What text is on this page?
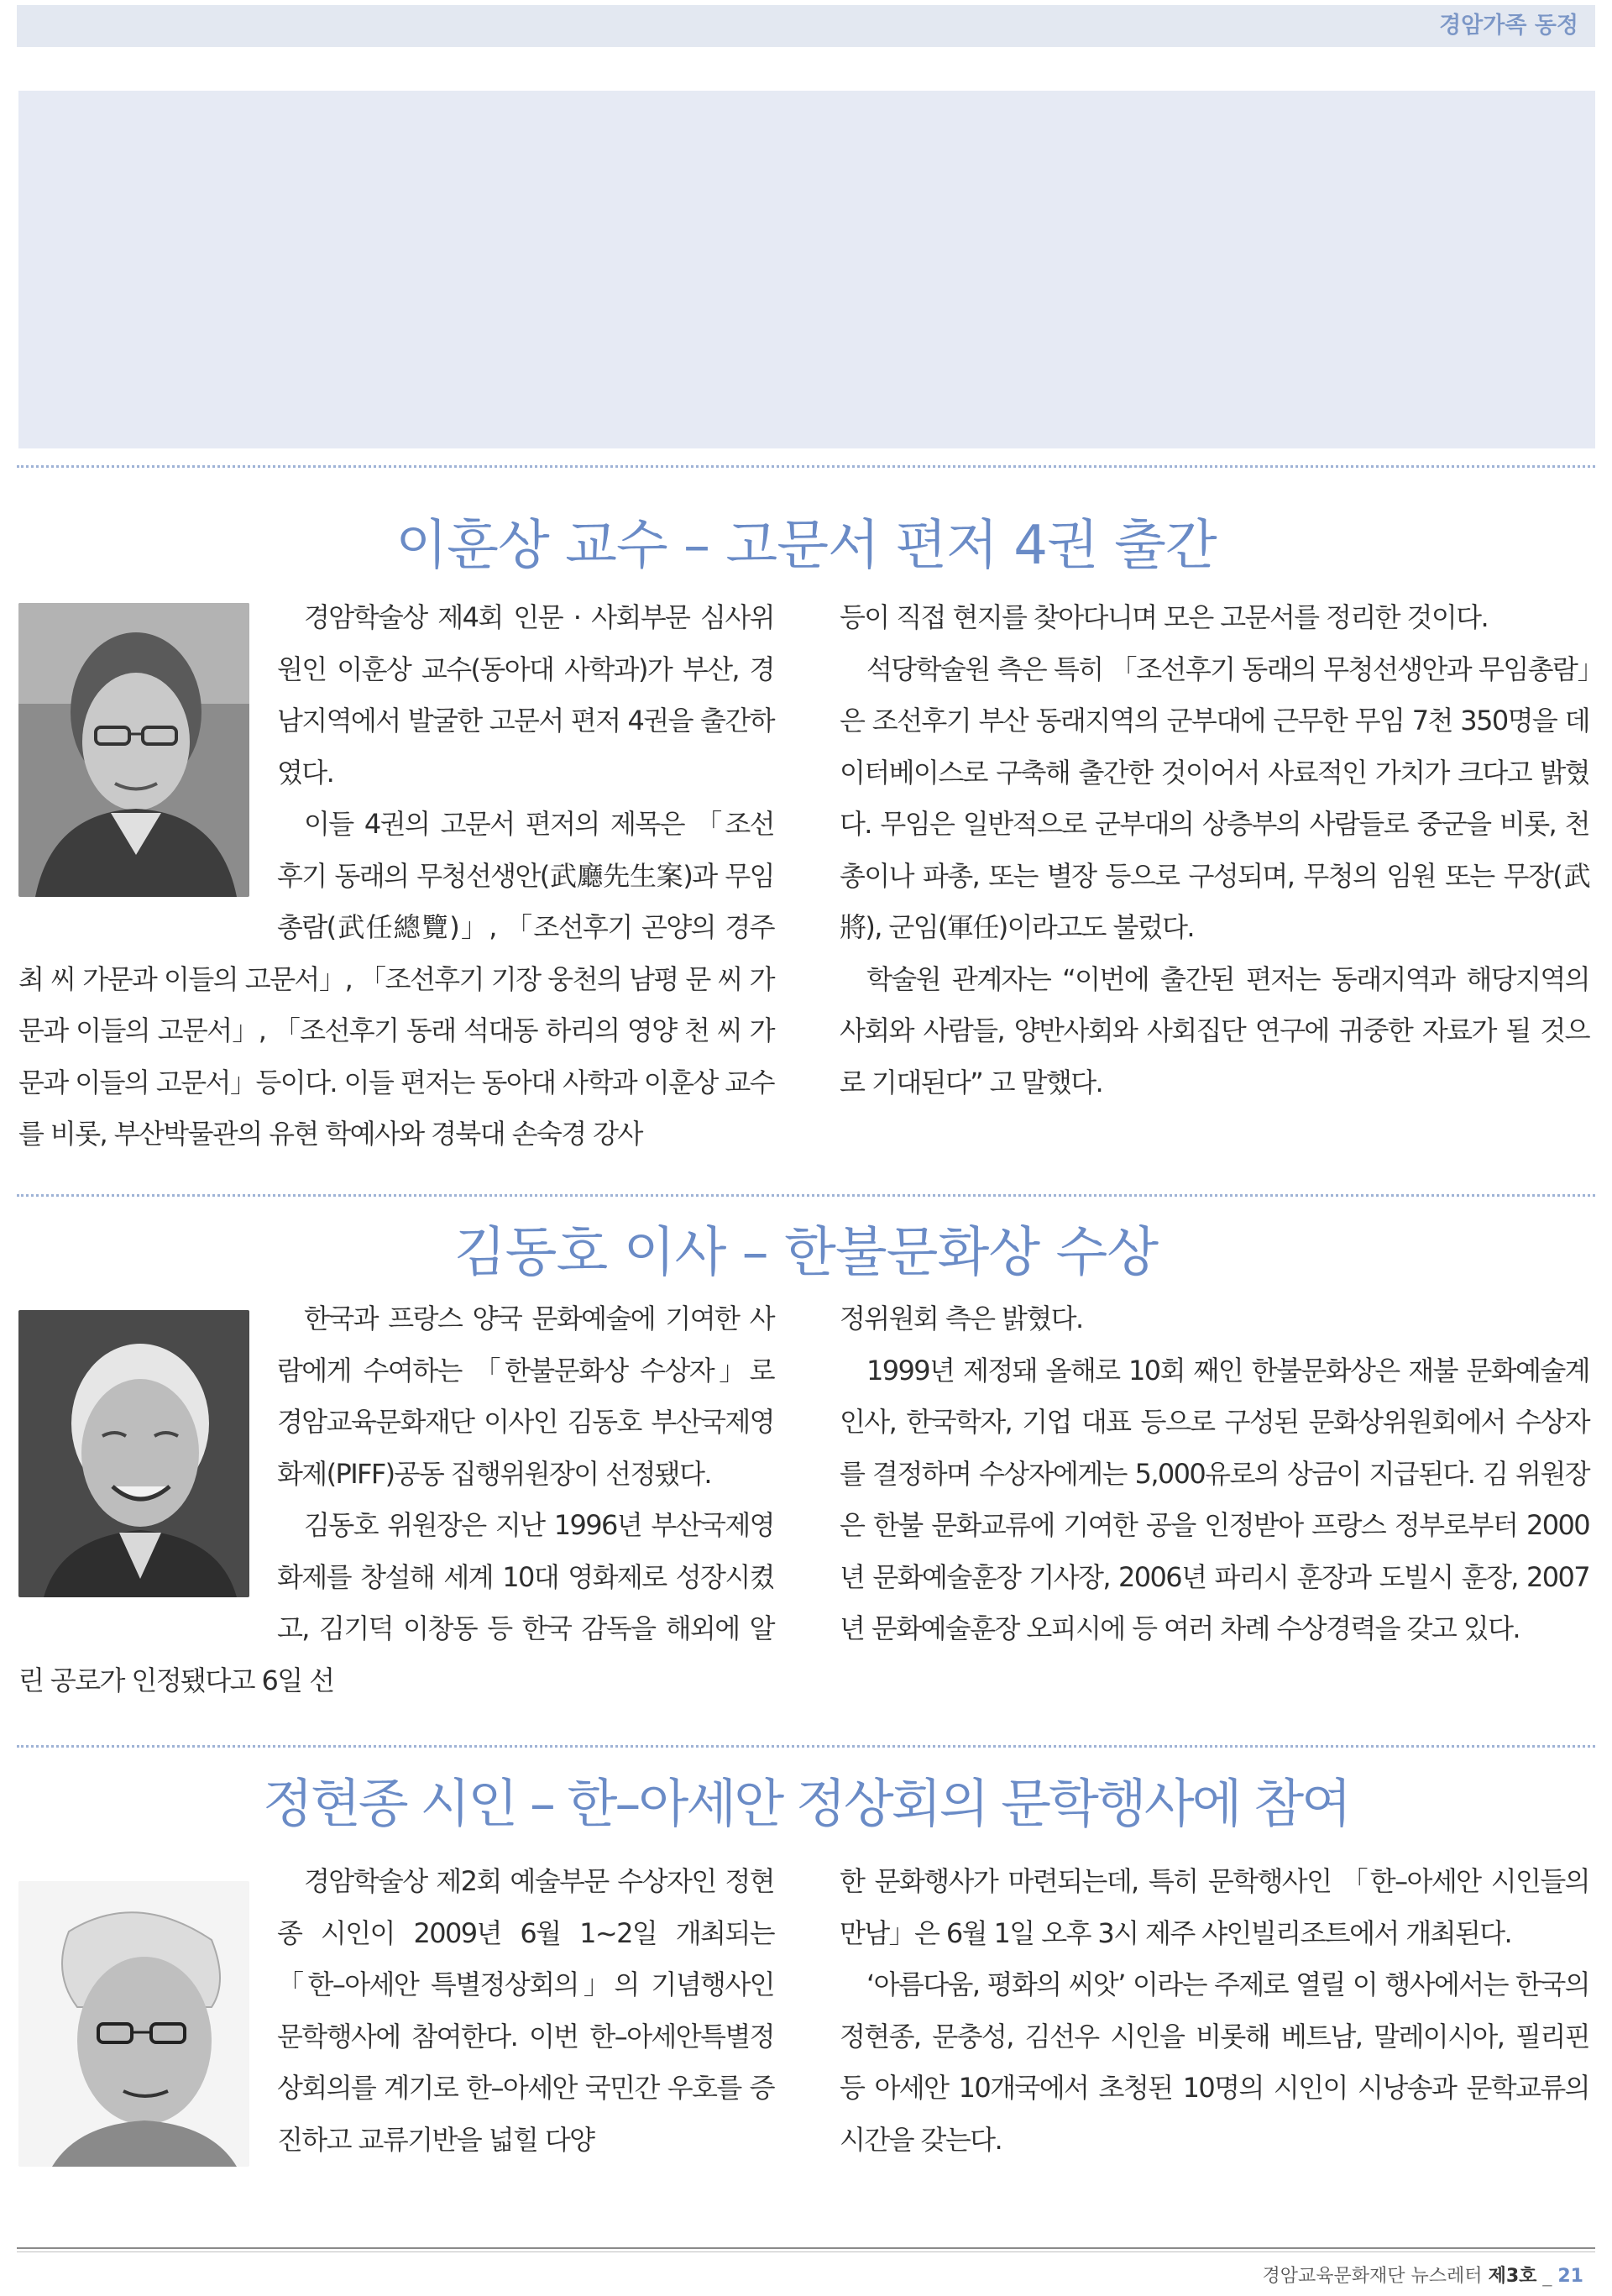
경암가족 동정
이훈상 교수 – 고문서 편저 4권 출간

경암학술상 제4회 인문 · 사회부문 심사위원인 이훈상 교수(동아대 사학과)가 부산, 경남지역에서 발굴한 고문서 편저 4권을 출간하였다.

이들 4권의 고문서 편저의 제목은 「조선후기 동래의 무청선생안(武廳先生案)과 무임 총람(武任總覽)」, 「조선후기 곤양의 경주 최 씨 가문과 이들의 고문서」, 「조선후기 기장 웅천의 남평 문 씨 가문과 이들의 고문서」, 「조선후기 동래 석대동 하리의 영양 천 씨 가문과 이들의 고문서」등이다. 이들 편저는 동아대 사학과 이훈상 교수를 비롯, 부산박물관의 유현 학예사와 경북대 손숙경 강사

등이 직접 현지를 찾아다니며 모은 고문서를 정리한 것이다.

석당학술원 측은 특히 「조선후기 동래의 무청선생안과 무임총람」은 조선후기 부산 동래지역의 군부대에 근무한 무임 7천 350명을 데이터베이스로 구축해 출간한 것이어서 사료적인 가치가 크다고 밝혔다. 무임은 일반적으로 군부대의 상층부의 사람들로 중군을 비롯, 천총이나 파총, 또는 별장 등으로 구성되며, 무청의 임원 또는 무장(武將), 군임(軍任)이라고도 불렀다.

학술원 관계자는 “이번에 출간된 편저는 동래지역과 해당지역의 사회와 사람들, 양반사회와 사회집단 연구에 귀중한 자료가 될 것으로 기대된다” 고 말했다.

김동호 이사 – 한불문화상 수상

한국과 프랑스 양국 문화예술에 기여한 사람에게 수여하는 「한불문화상 수상자」로 경암교육문화재단 이사인 김동호 부산국제영화제(PIFF)공동 집행위원장이 선정됐다.

김동호 위원장은 지난 1996년 부산국제영화제를 창설해 세계 10대 영화제로 성장시켰고, 김기덕 이창동 등 한국 감독을 해외에 알린 공로가 인정됐다고 6일 선

정위원회 측은 밝혔다.

1999년 제정돼 올해로 10회 째인 한불문화상은 재불 문화예술계 인사, 한국학자, 기업 대표 등으로 구성된 문화상위원회에서 수상자를 결정하며 수상자에게는 5,000유로의 상금이 지급된다. 김 위원장은 한불 문화교류에 기여한 공을 인정받아 프랑스 정부로부터 2000년 문화예술훈장 기사장, 2006년 파리시 훈장과 도빌시 훈장, 2007년 문화예술훈장 오피시에 등 여러 차례 수상경력을 갖고 있다.

정현종 시인 – 한–아세안 정상회의 문학행사에 참여

경암학술상 제2회 예술부문 수상자인 정현종 시인이 2009년 6월 1~2일 개최되는 「한–아세안 특별정상회의」의 기념행사인 문학행사에 참여한다. 이번 한–아세안특별정상회의를 계기로 한–아세안 국민간 우호를 증진하고 교류기반을 넓힐 다양

한 문화행사가 마련되는데, 특히 문학행사인 「한–아세안 시인들의 만남」은 6월 1일 오후 3시 제주 샤인빌리조트에서 개최된다.

‘아름다움, 평화의 씨앗’ 이라는 주제로 열릴 이 행사에서는 한국의 정현종, 문충성, 김선우 시인을 비롯해 베트남, 말레이시아, 필리핀 등 아세안 10개국에서 초청된 10명의 시인이 시낭송과 문학교류의 시간을 갖는다.

경암교육문화재단 뉴스레터 제3호 _ 21
